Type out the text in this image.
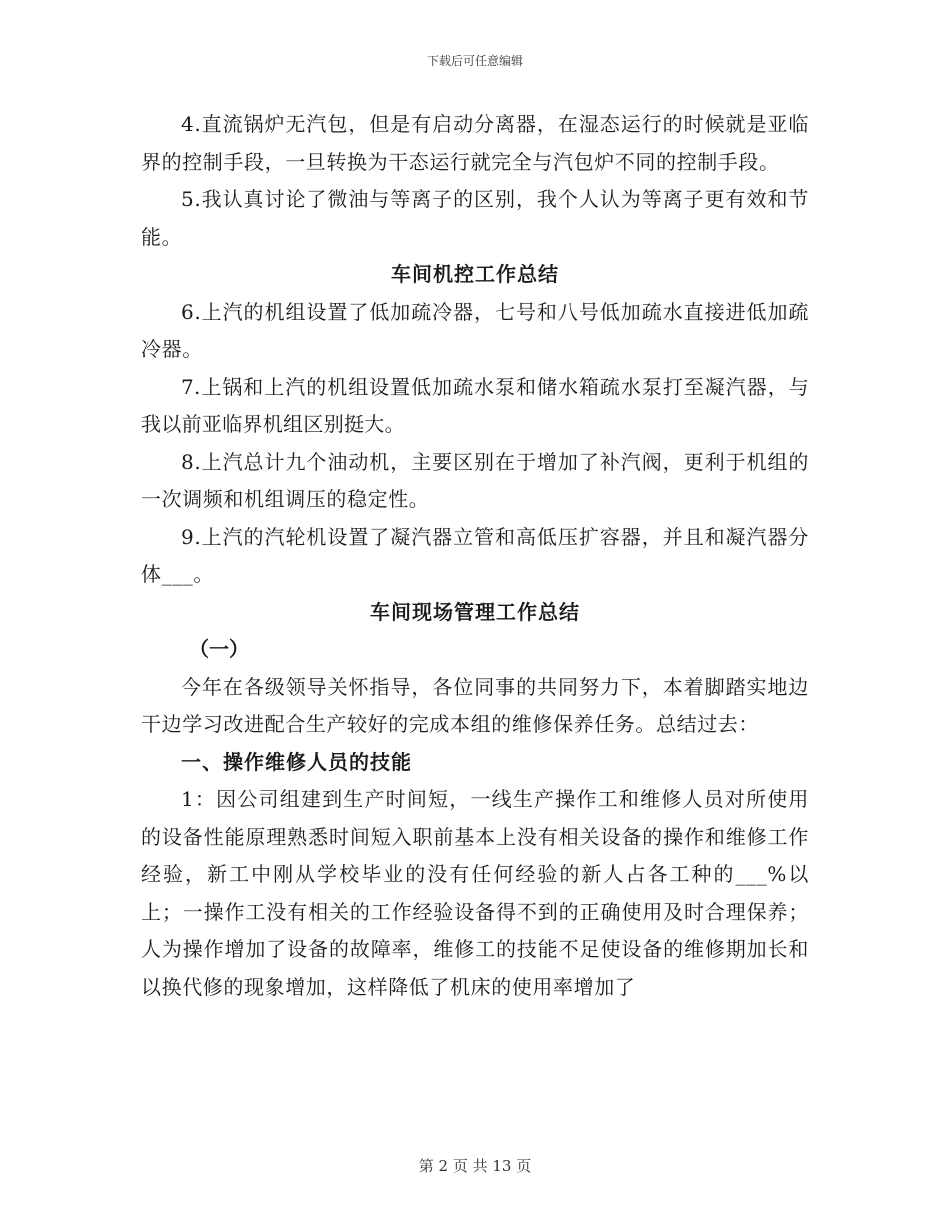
下载后可任意编辑

4.直流锅炉无汽包，但是有启动分离器，在湿态运行的时候就是亚临界的控制手段，一旦转换为干态运行就完全与汽包炉不同的控制手段。

5.我认真讨论了微油与等离子的区别，我个人认为等离子更有效和节能。

车间机控工作总结

6.上汽的机组设置了低加疏冷器，七号和八号低加疏水直接进低加疏冷器。

7.上锅和上汽的机组设置低加疏水泵和储水箱疏水泵打至凝汽器，与我以前亚临界机组区别挺大。

8.上汽总计九个油动机，主要区别在于增加了补汽阀，更利于机组的一次调频和机组调压的稳定性。

9.上汽的汽轮机设置了凝汽器立管和高低压扩容器，并且和凝汽器分体___。

车间现场管理工作总结

（一）

今年在各级领导关怀指导，各位同事的共同努力下，本着脚踏实地边干边学习改进配合生产较好的完成本组的维修保养任务。总结过去：

一、操作维修人员的技能

1：因公司组建到生产时间短，一线生产操作工和维修人员对所使用的设备性能原理熟悉时间短入职前基本上没有相关设备的操作和维修工作经验，新工中刚从学校毕业的没有任何经验的新人占各工种的___%以上；一操作工没有相关的工作经验设备得不到的正确使用及时合理保养；人为操作增加了设备的故障率，维修工的技能不足使设备的维修期加长和以换代修的现象增加，这样降低了机床的使用率增加了

第 2 页 共 13 页
